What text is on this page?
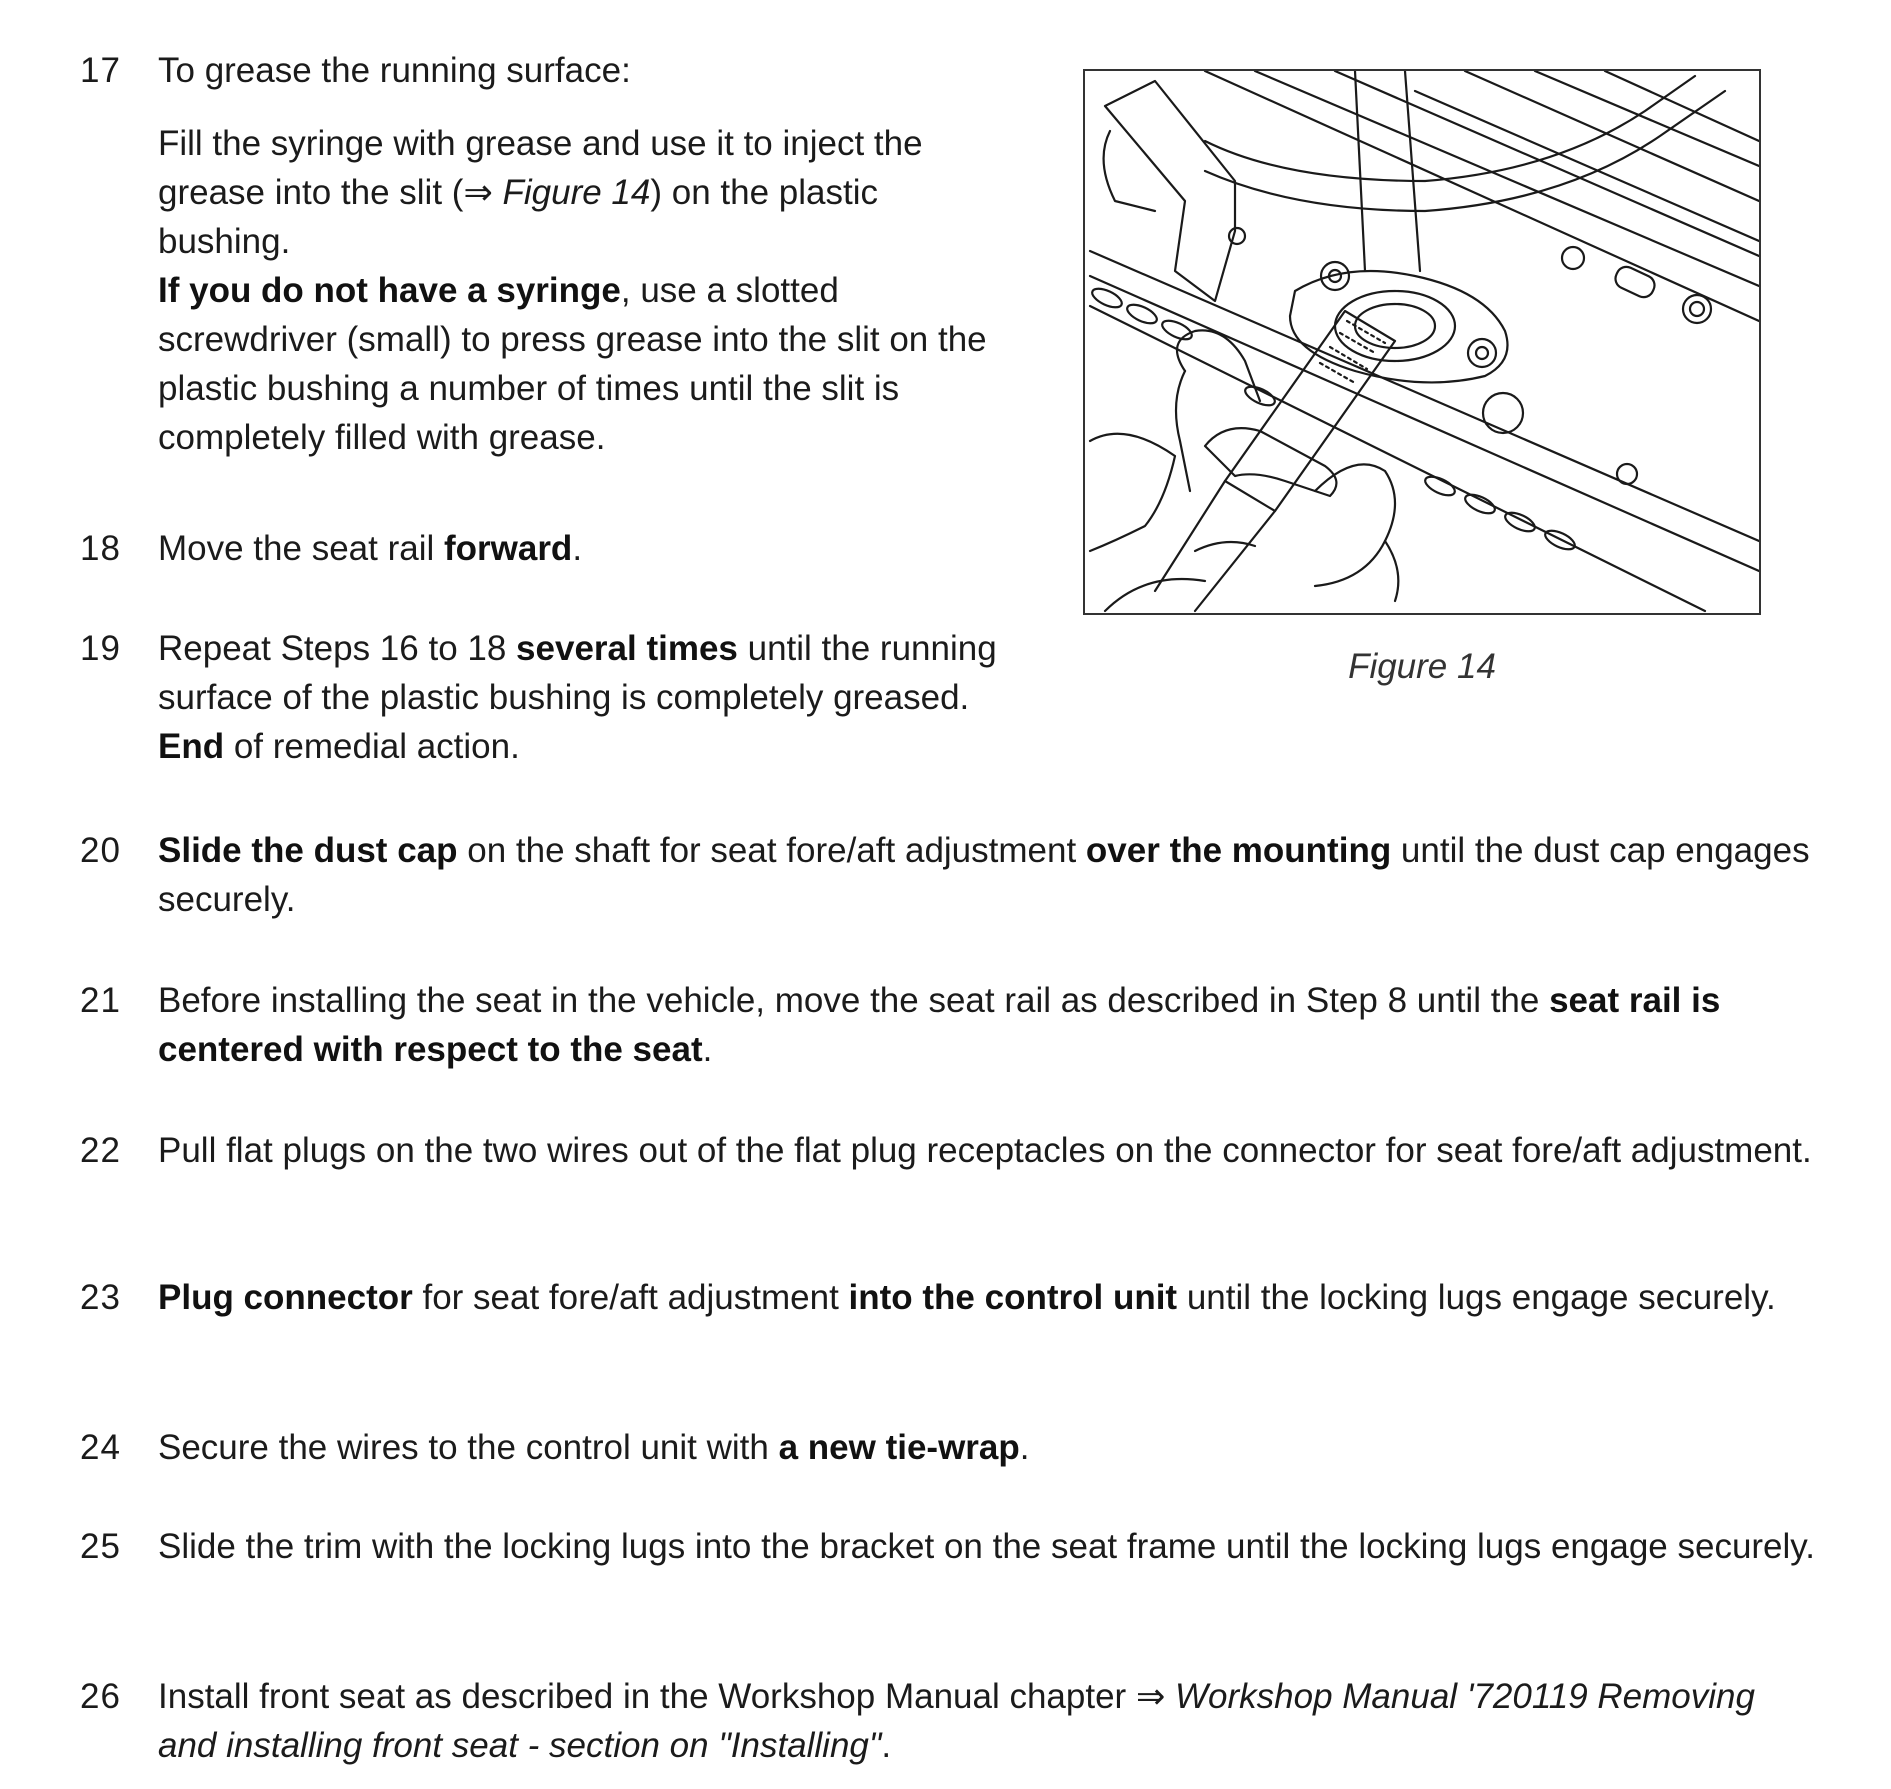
17	To grease the running surface:

Fill the syringe with grease and use it to inject the grease into the slit (⇒ Figure 14) on the plastic bushing.

If you do not have a syringe, use a slotted screwdriver (small) to press grease into the slit on the plastic bushing a number of times until the slit is completely filled with grease.

18	Move the seat rail forward.

19	Repeat Steps 16 to 18 several times until the running surface of the plastic bushing is completely greased. End of remedial action.

20	Slide the dust cap on the shaft for seat fore/aft adjustment over the mounting until the dust cap engages securely.

21	Before installing the seat in the vehicle, move the seat rail as described in Step 8 until the seat rail is centered with respect to the seat.

22	Pull flat plugs on the two wires out of the flat plug receptacles on the connector for seat fore/aft adjustment.

23	Plug connector for seat fore/aft adjustment into the control unit until the locking lugs engage securely.

24	Secure the wires to the control unit with a new tie-wrap.

25	Slide the trim with the locking lugs into the bracket on the seat frame until the locking lugs engage securely.

26	Install front seat as described in the Workshop Manual chapter ⇒ Workshop Manual '720119 Removing and installing front seat - section on "Installing".

Figure 14
